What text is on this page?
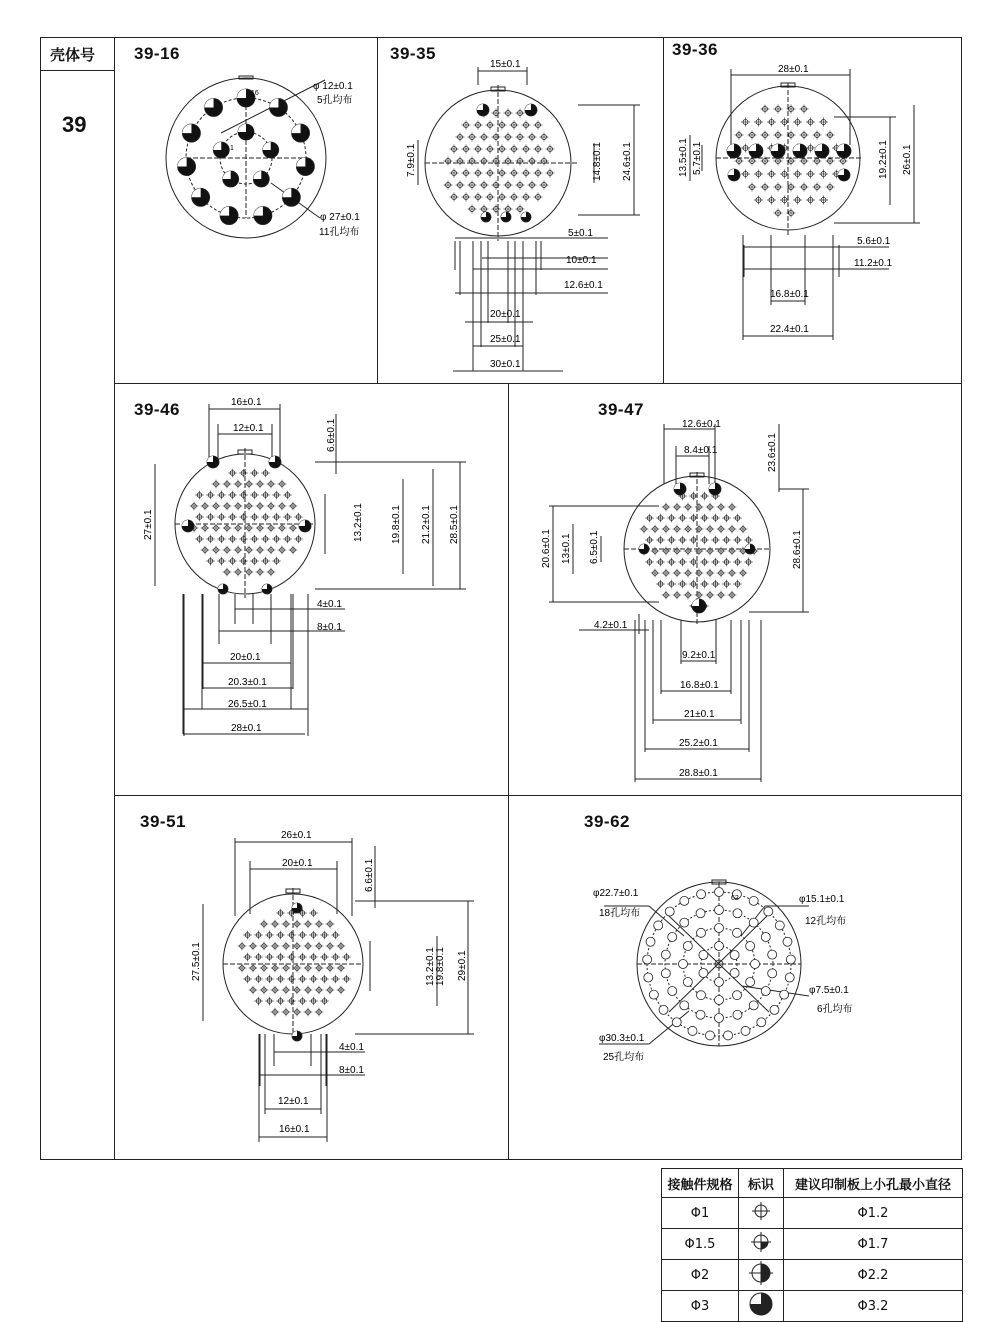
壳体号
39
39-16	39-35	39-36
39-46	39-47
39-51	39-62
16
1
φ 12±0.1
5孔均布
φ 27±0.1
11孔均布
15±0.1
7.9±0.1	14.8±0.1 24.6±0.1
5±0.1
10±0.1
12.6±0.1
20±0.1
25±0.1
30±0.1
28±0.1
13.5±0.1 5.7±0.1	19.2±0.1 26±0.1
5.6±0.1
11.2±0.1
16.8±0.1
22.4±0.1
16±0.1
12±0.1	6.6±0.1
27±0.1	13.2±0.1	19.8±0.1 21.2±0.1 28.5±0.1
4±0.1
8±0.1
20±0.1
20.3±0.1
26.5±0.1
28±0.1
12.6±0.1
8.4±0.1	23.6±0.1
20.6±0.1 13±0.1 6.5±0.1	28.6±0.1
4.2±0.1
9.2±0.1
16.8±0.1
21±0.1
25.2±0.1
28.8±0.1
26±0.1
20±0.1	6.6±0.1
27.5±0.1	13.2±0.1 19.8±0.1 29±0.1
4±0.1
8±0.1
12±0.1
16±0.1
62
φ22.7±0.1
18孔均布
φ15.1±0.1
12孔均布
φ7.5±0.1
6孔均布
φ30.3±0.1
25孔均布
接触件规格	标识	建议印制板上小孔最小直径
Φ1		Φ1.2
Φ1.5		Φ1.7
Φ2		Φ2.2
Φ3		Φ3.2
